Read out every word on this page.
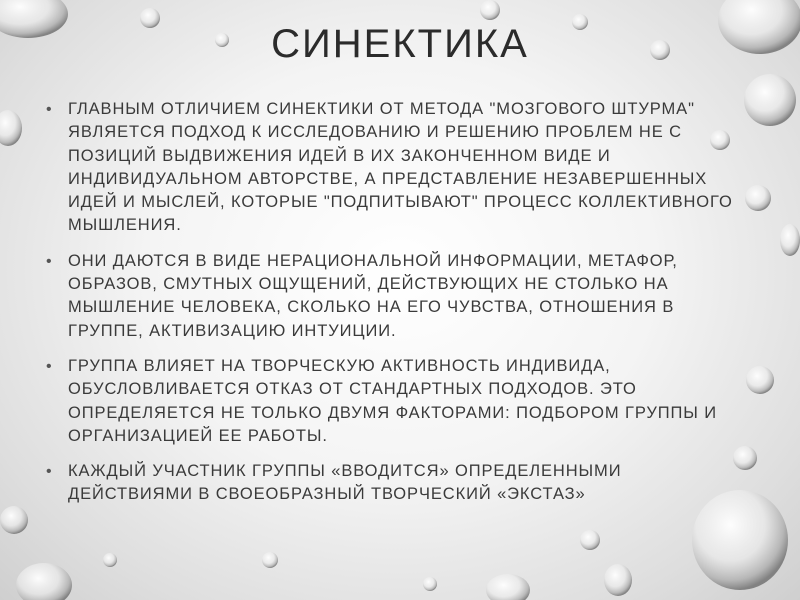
СИНЕКТИКА
• ГЛАВНЫМ ОТЛИЧИЕМ СИНЕКТИКИ ОТ МЕТОДА "МОЗГОВОГО ШТУРМА" ЯВЛЯЕТСЯ ПОДХОД К ИССЛЕДОВАНИЮ И РЕШЕНИЮ ПРОБЛЕМ НЕ С ПОЗИЦИЙ ВЫДВИЖЕНИЯ ИДЕЙ В ИХ ЗАКОНЧЕННОМ ВИДЕ И ИНДИВИДУАЛЬНОМ АВТОРСТВЕ, А ПРЕДСТАВЛЕНИЕ НЕЗАВЕРШЕННЫХ ИДЕЙ И МЫСЛЕЙ, КОТОРЫЕ "ПОДПИТЫВАЮТ" ПРОЦЕСС КОЛЛЕКТИВНОГО МЫШЛЕНИЯ.
• ОНИ ДАЮТСЯ В ВИДЕ НЕРАЦИОНАЛЬНОЙ ИНФОРМАЦИИ, МЕТАФОР, ОБРАЗОВ, СМУТНЫХ ОЩУЩЕНИЙ, ДЕЙСТВУЮЩИХ НЕ СТОЛЬКО НА МЫШЛЕНИЕ ЧЕЛОВЕКА, СКОЛЬКО НА ЕГО ЧУВСТВА, ОТНОШЕНИЯ В ГРУППЕ, АКТИВИЗАЦИЮ ИНТУИЦИИ.
• ГРУППА ВЛИЯЕТ НА ТВОРЧЕСКУЮ АКТИВНОСТЬ ИНДИВИДА, ОБУСЛОВЛИВАЕТСЯ ОТКАЗ ОТ СТАНДАРТНЫХ ПОДХОДОВ. ЭТО ОПРЕДЕЛЯЕТСЯ НЕ ТОЛЬКО ДВУМЯ ФАКТОРАМИ: ПОДБОРОМ ГРУППЫ И ОРГАНИЗАЦИЕЙ ЕЕ РАБОТЫ.
• КАЖДЫЙ УЧАСТНИК ГРУППЫ «ВВОДИТСЯ» ОПРЕДЕЛЕННЫМИ ДЕЙСТВИЯМИ В СВОЕОБРАЗНЫЙ ТВОРЧЕСКИЙ «ЭКСТАЗ»
